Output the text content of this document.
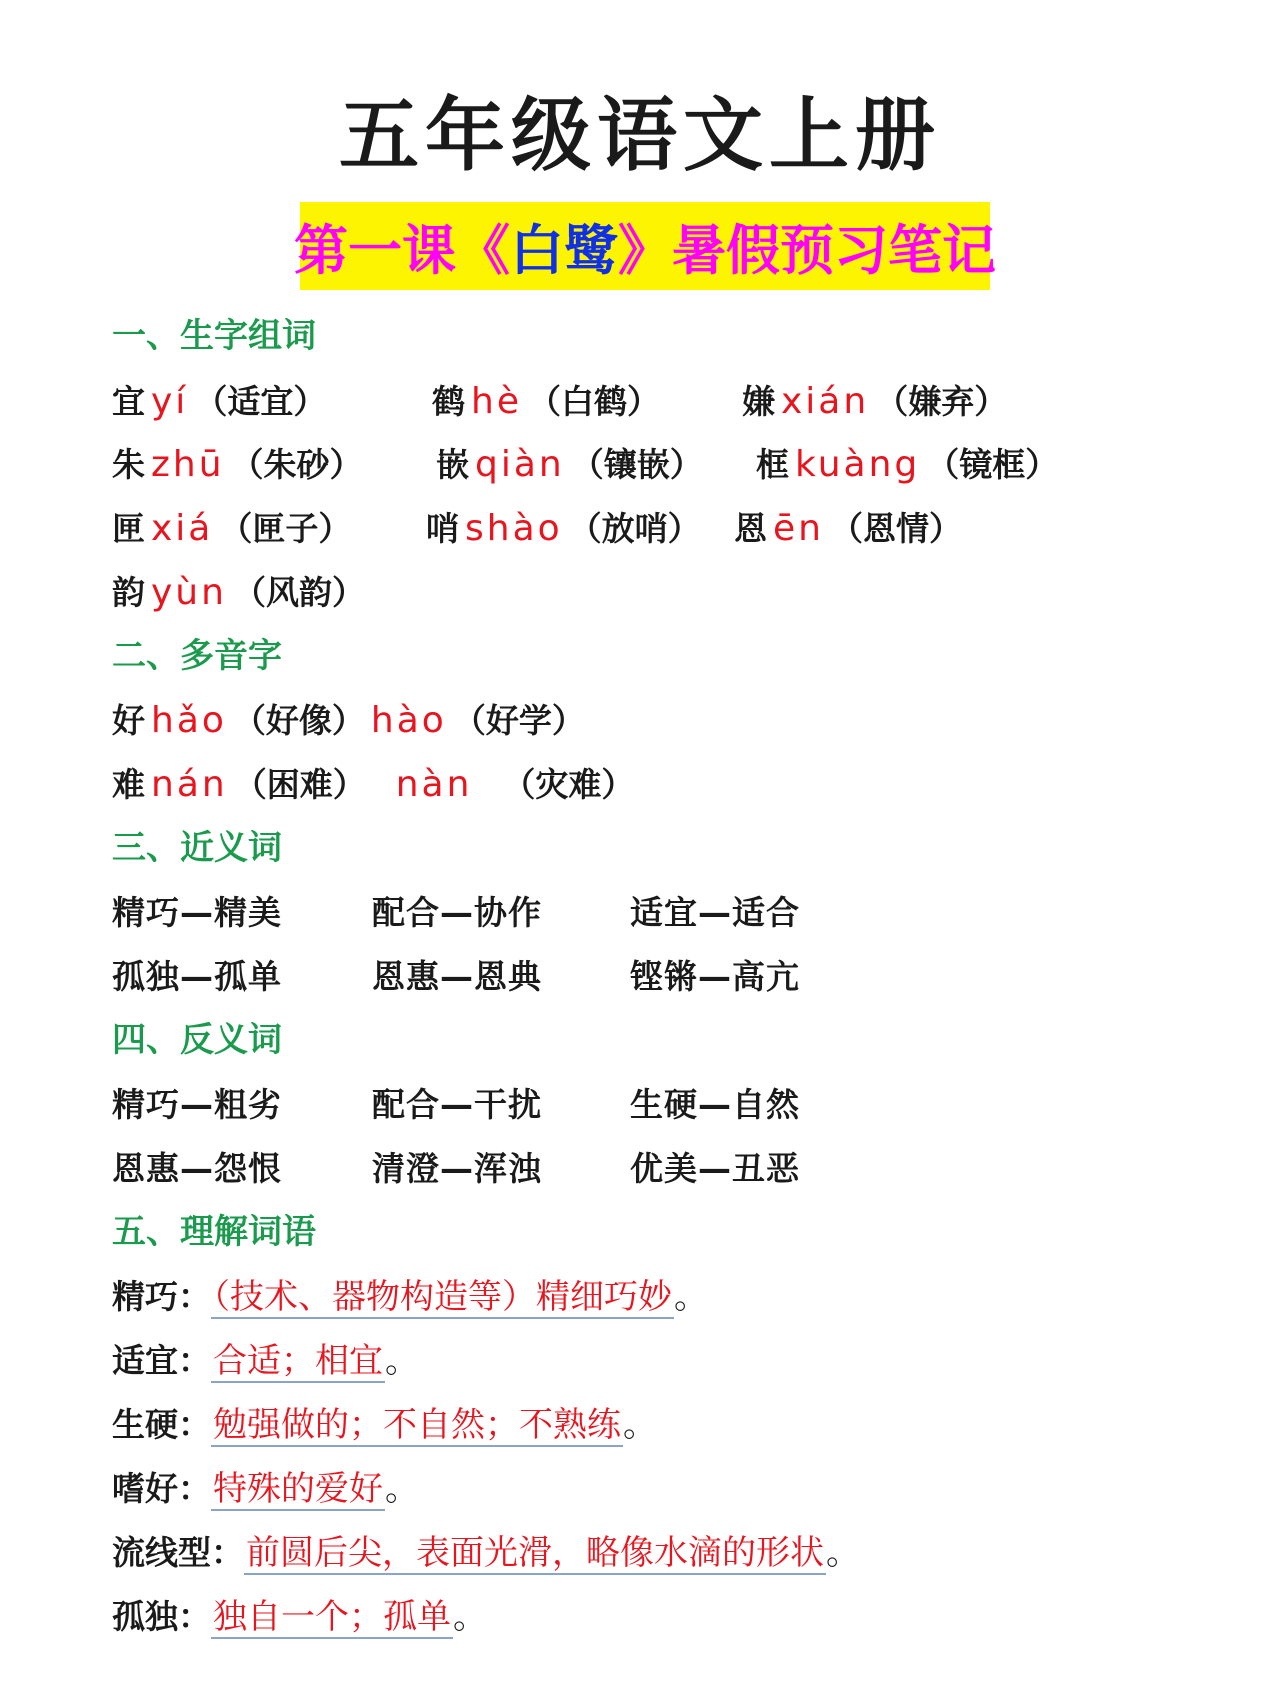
五年级语文上册
第一课《 白鹭 》暑假预习笔记
一、生字组词
宜 yí （适宜）	鹤 hè （白鹤） 嫌 xián （嫌弃）
朱 zhū （朱砂） 嵌 qiàn （镶嵌） 框 kuàng （镜框）
匣 xiá （匣子） 哨 shào （放哨） 恩 ēn （恩情）
韵 yùn （风韵）
二、多音字
好 hǎo （好像） hào （好学）
难 nán （困难） nàn （灾难）
三、近义词
精巧—精美	配合—协作	适宜—适合
孤独—孤单	恩惠—恩典	铿锵—高亢
四、反义词
精巧—粗劣	配合—干扰	生硬—自然
恩惠—怨恨	清澄—浑浊	优美—丑恶
五、理解词语
精巧：（技术、器物构造等）精细巧妙。
适宜：合适；相宜。
生硬：勉强做的；不自然；不熟练。
嗜好：特殊的爱好。
流线型：前圆后尖，表面光滑，略像水滴的形状。
孤独：独自一个；孤单。
